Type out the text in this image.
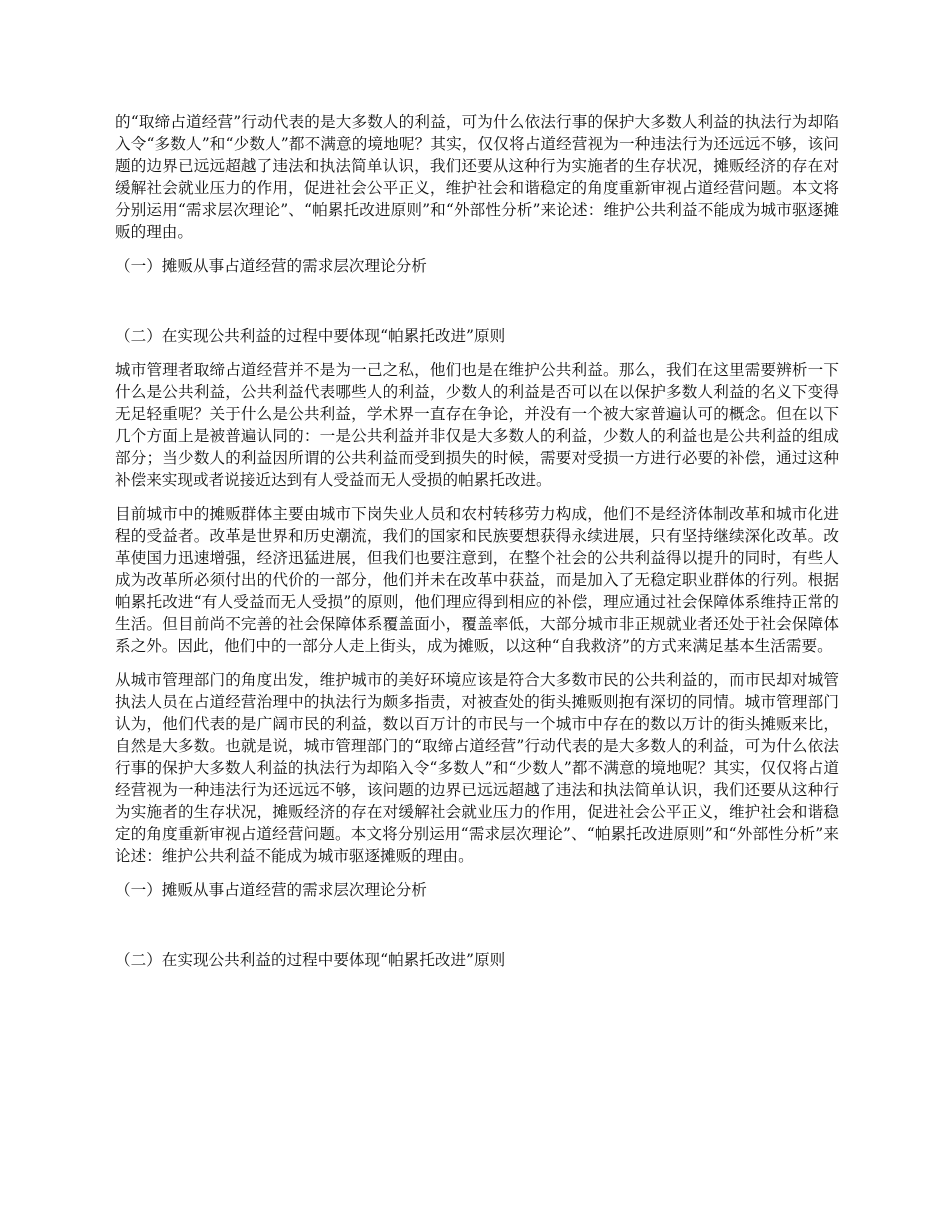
的“取缔占道经营”行动代表的是大多数人的利益，可为什么依法行事的保护大多数人利益的执法行为却陷入令“多数人”和“少数人”都不满意的境地呢？其实，仅仅将占道经营视为一种违法行为还远远不够，该问题的边界已远远超越了违法和执法简单认识，我们还要从这种行为实施者的生存状况，摊贩经济的存在对缓解社会就业压力的作用，促进社会公平正义，维护社会和谐稳定的角度重新审视占道经营问题。本文将分别运用“需求层次理论”、“帕累托改进原则”和“外部性分析”来论述：维护公共利益不能成为城市驱逐摊贩的理由。

（一）摊贩从事占道经营的需求层次理论分析

（二）在实现公共利益的过程中要体现“帕累托改进”原则

城市管理者取缔占道经营并不是为一己之私，他们也是在维护公共利益。那么，我们在这里需要辨析一下什么是公共利益，公共利益代表哪些人的利益，少数人的利益是否可以在以保护多数人利益的名义下变得无足轻重呢？关于什么是公共利益，学术界一直存在争论，并没有一个被大家普遍认可的概念。但在以下几个方面上是被普遍认同的：一是公共利益并非仅是大多数人的利益，少数人的利益也是公共利益的组成部分；当少数人的利益因所谓的公共利益而受到损失的时候，需要对受损一方进行必要的补偿，通过这种补偿来实现或者说接近达到有人受益而无人受损的帕累托改进。

目前城市中的摊贩群体主要由城市下岗失业人员和农村转移劳力构成，他们不是经济体制改革和城市化进程的受益者。改革是世界和历史潮流，我们的国家和民族要想获得永续进展，只有坚持继续深化改革。改革使国力迅速增强，经济迅猛进展，但我们也要注意到，在整个社会的公共利益得以提升的同时，有些人成为改革所必须付出的代价的一部分，他们并未在改革中获益，而是加入了无稳定职业群体的行列。根据帕累托改进“有人受益而无人受损”的原则，他们理应得到相应的补偿，理应通过社会保障体系维持正常的生活。但目前尚不完善的社会保障体系覆盖面小，覆盖率低，大部分城市非正规就业者还处于社会保障体系之外。因此，他们中的一部分人走上街头，成为摊贩，以这种“自我救济”的方式来满足基本生活需要。

从城市管理部门的角度出发，维护城市的美好环境应该是符合大多数市民的公共利益的，而市民却对城管执法人员在占道经营治理中的执法行为颇多指责，对被查处的街头摊贩则抱有深切的同情。城市管理部门认为，他们代表的是广阔市民的利益，数以百万计的市民与一个城市中存在的数以万计的街头摊贩来比，自然是大多数。也就是说，城市管理部门的“取缔占道经营”行动代表的是大多数人的利益，可为什么依法行事的保护大多数人利益的执法行为却陷入令“多数人”和“少数人”都不满意的境地呢？其实，仅仅将占道经营视为一种违法行为还远远不够，该问题的边界已远远超越了违法和执法简单认识，我们还要从这种行为实施者的生存状况，摊贩经济的存在对缓解社会就业压力的作用，促进社会公平正义，维护社会和谐稳定的角度重新审视占道经营问题。本文将分别运用“需求层次理论”、“帕累托改进原则”和“外部性分析”来论述：维护公共利益不能成为城市驱逐摊贩的理由。

（一）摊贩从事占道经营的需求层次理论分析

（二）在实现公共利益的过程中要体现“帕累托改进”原则
